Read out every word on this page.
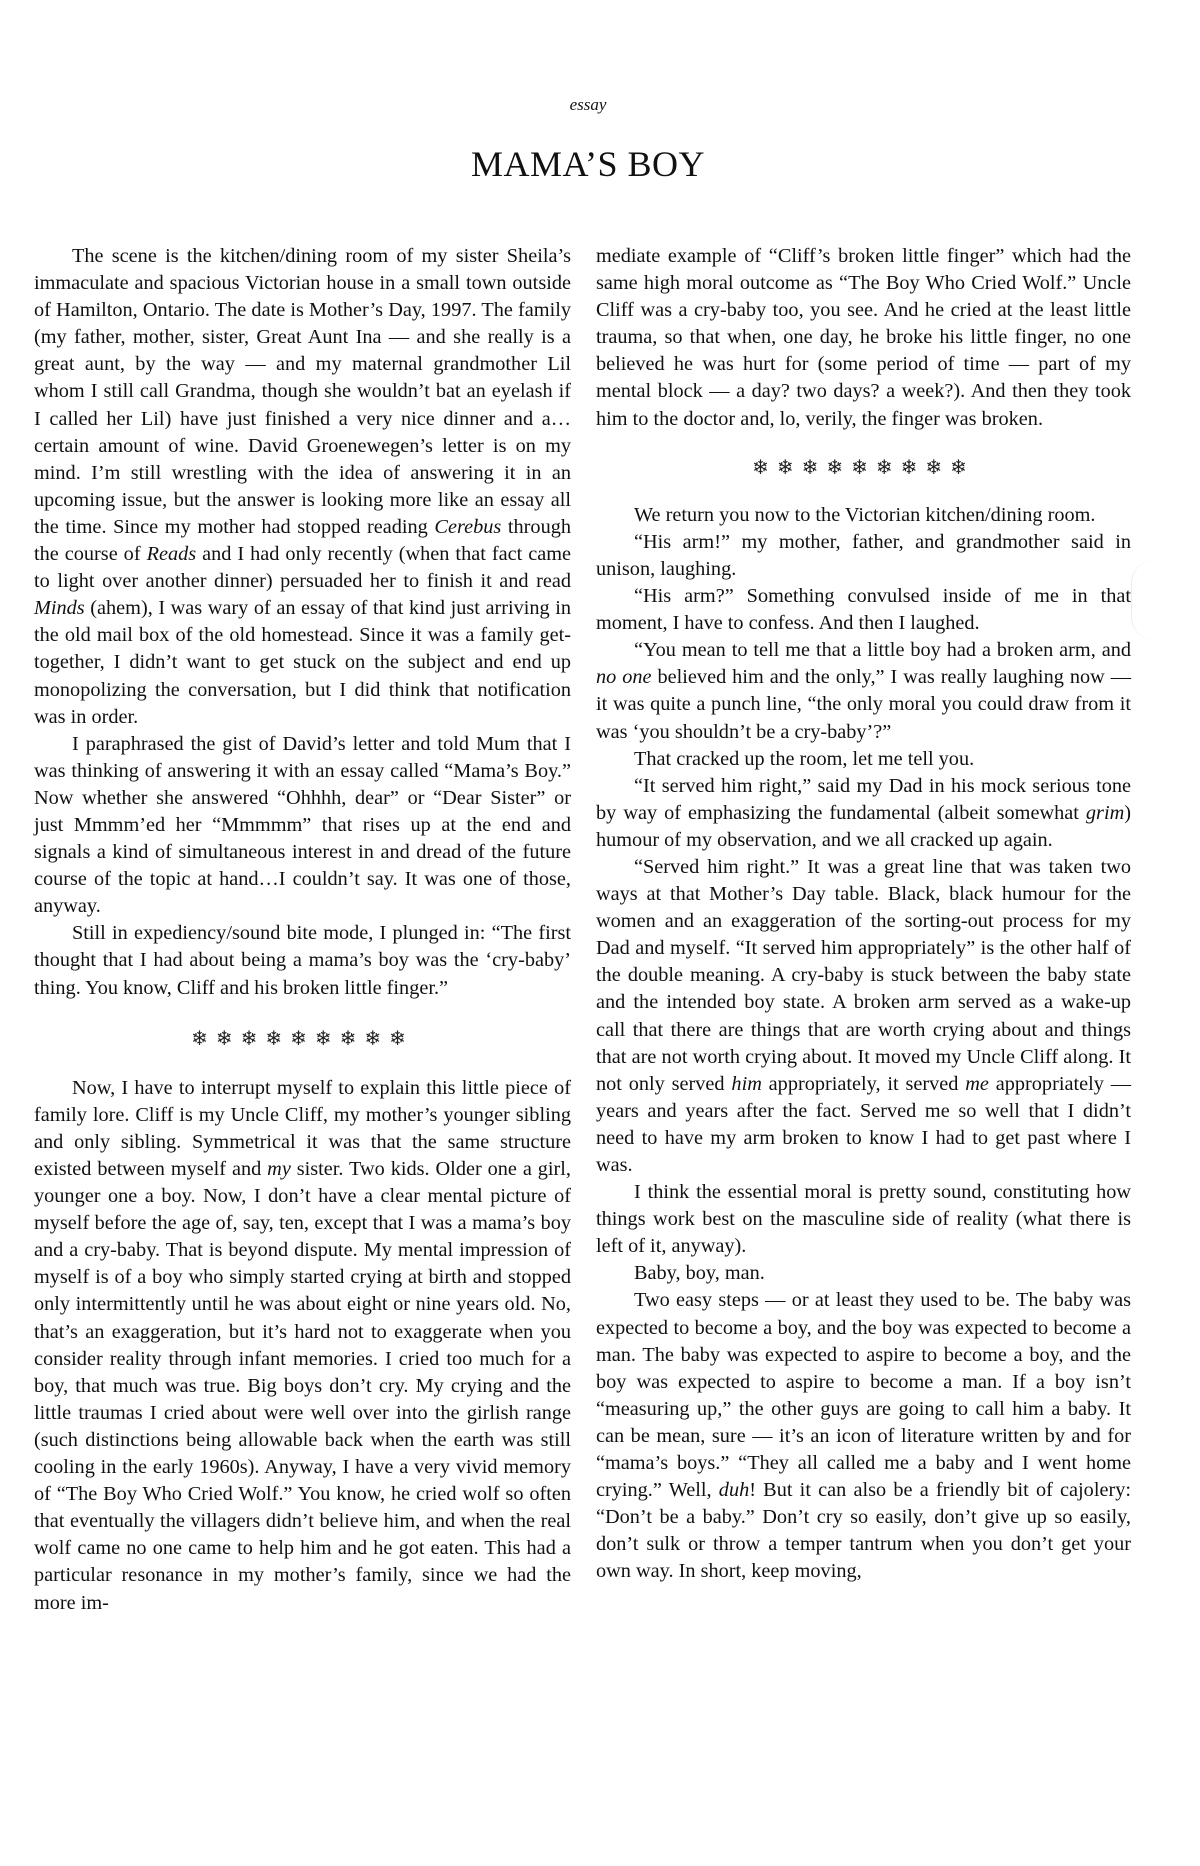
essay
MAMA’S BOY

The scene is the kitchen/dining room of my sister Sheila’s immaculate and spacious Victorian house in a small town outside of Hamilton, Ontario. The date is Mother’s Day, 1997. The family (my father, mother, sister, Great Aunt Ina — and she really is a great aunt, by the way — and my maternal grandmother Lil whom I still call Grandma, though she wouldn’t bat an eyelash if I called her Lil) have just finished a very nice dinner and a…certain amount of wine. David Groenewegen’s letter is on my mind. I’m still wrestling with the idea of answering it in an upcoming issue, but the answer is looking more like an essay all the time. Since my mother had stopped reading Cerebus through the course of Reads and I had only recently (when that fact came to light over another dinner) persuaded her to finish it and read Minds (ahem), I was wary of an essay of that kind just arriving in the old mail box of the old homestead. Since it was a family get-together, I didn’t want to get stuck on the subject and end up monopolizing the conversation, but I did think that notification was in order.

I paraphrased the gist of David’s letter and told Mum that I was thinking of answering it with an essay called “Mama’s Boy.” Now whether she answered “Ohhhh, dear” or “Dear Sister” or just Mmmm’ed her “Mmmmm” that rises up at the end and signals a kind of simultaneous interest in and dread of the future course of the topic at hand…I couldn’t say. It was one of those, anyway.

Still in expediency/sound bite mode, I plunged in: “The first thought that I had about being a mama’s boy was the ‘cry-baby’ thing. You know, Cliff and his broken little finger.”

❄❄❄❄❄❄❄❄❄

Now, I have to interrupt myself to explain this little piece of family lore. Cliff is my Uncle Cliff, my mother’s younger sibling and only sibling. Symmetrical it was that the same structure existed between myself and my sister. Two kids. Older one a girl, younger one a boy. Now, I don’t have a clear mental picture of myself before the age of, say, ten, except that I was a mama’s boy and a cry-baby. That is beyond dispute. My mental impression of myself is of a boy who simply started crying at birth and stopped only intermittently until he was about eight or nine years old. No, that’s an exaggeration, but it’s hard not to exaggerate when you consider reality through infant memories. I cried too much for a boy, that much was true. Big boys don’t cry. My crying and the little traumas I cried about were well over into the girlish range (such distinctions being allowable back when the earth was still cooling in the early 1960s). Anyway, I have a very vivid memory of “The Boy Who Cried Wolf.” You know, he cried wolf so often that eventually the villagers didn’t believe him, and when the real wolf came no one came to help him and he got eaten. This had a particular resonance in my mother’s family, since we had the more im-

mediate example of “Cliff’s broken little finger” which had the same high moral outcome as “The Boy Who Cried Wolf.” Uncle Cliff was a cry-baby too, you see. And he cried at the least little trauma, so that when, one day, he broke his little finger, no one believed he was hurt for (some period of time — part of my mental block — a day? two days? a week?). And then they took him to the doctor and, lo, verily, the finger was broken.

❄❄❄❄❄❄❄❄❄

We return you now to the Victorian kitchen/dining room.

“His arm!” my mother, father, and grandmother said in unison, laughing.

“His arm?” Something convulsed inside of me in that moment, I have to confess. And then I laughed.

“You mean to tell me that a little boy had a broken arm, and no one believed him and the only,” I was really laughing now — it was quite a punch line, “the only moral you could draw from it was ‘you shouldn’t be a cry-baby’?”

That cracked up the room, let me tell you.

“It served him right,” said my Dad in his mock serious tone by way of emphasizing the fundamental (albeit somewhat grim) humour of my observation, and we all cracked up again.

“Served him right.” It was a great line that was taken two ways at that Mother’s Day table. Black, black humour for the women and an exaggeration of the sorting-out process for my Dad and myself. “It served him appropriately” is the other half of the double meaning. A cry-baby is stuck between the baby state and the intended boy state. A broken arm served as a wake-up call that there are things that are worth crying about and things that are not worth crying about. It moved my Uncle Cliff along. It not only served him appropriately, it served me appropriately — years and years after the fact. Served me so well that I didn’t need to have my arm broken to know I had to get past where I was.

I think the essential moral is pretty sound, constituting how things work best on the masculine side of reality (what there is left of it, anyway).

Baby, boy, man.

Two easy steps — or at least they used to be. The baby was expected to become a boy, and the boy was expected to become a man. The baby was expected to aspire to become a boy, and the boy was expected to aspire to become a man. If a boy isn’t “measuring up,” the other guys are going to call him a baby. It can be mean, sure — it’s an icon of literature written by and for “mama’s boys.” “They all called me a baby and I went home crying.” Well, duh! But it can also be a friendly bit of cajolery: “Don’t be a baby.” Don’t cry so easily, don’t give up so easily, don’t sulk or throw a temper tantrum when you don’t get your own way. In short, keep moving,
